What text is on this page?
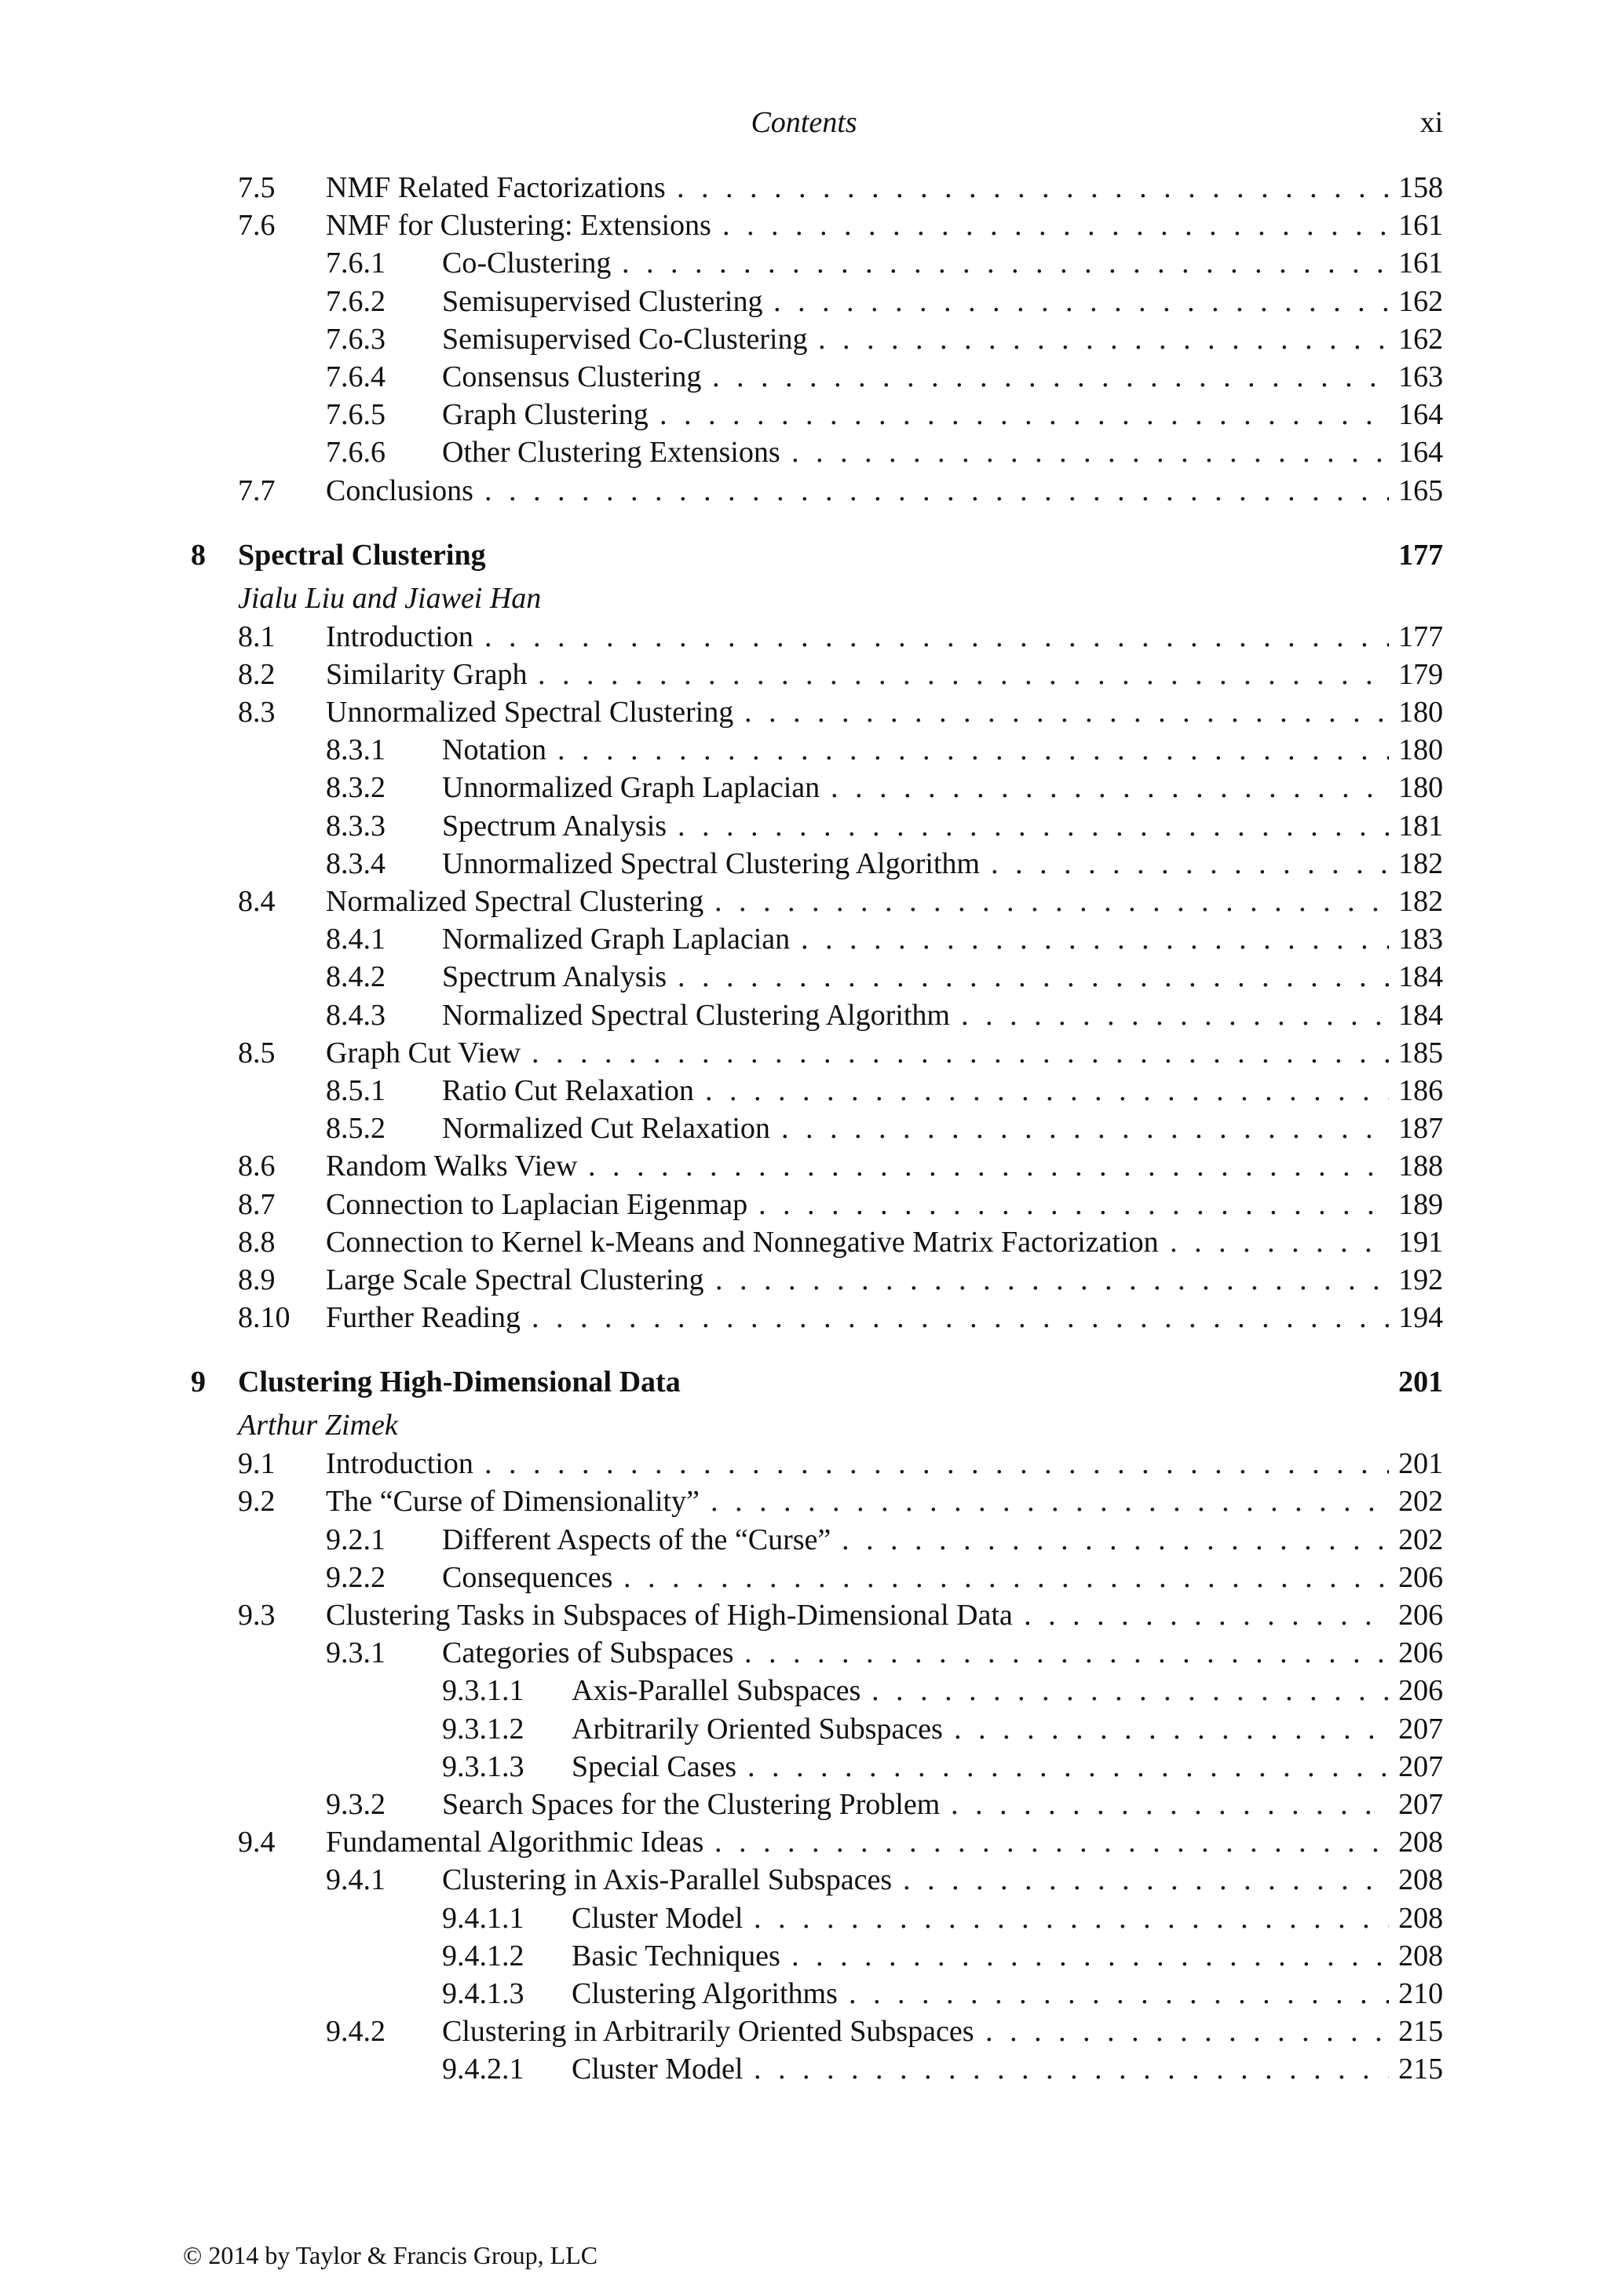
Contents	xi
7.5 . . . NMF Related Factorizations	158
7.6 . . . NMF for Clustering: Extensions	161
7.6.1 . . . Co-Clustering	161
7.6.2 . . . Semisupervised Clustering	162
7.6.3 . . . Semisupervised Co-Clustering	162
7.6.4 . . . Consensus Clustering	163
7.6.5 . . . Graph Clustering	164
7.6.6 . . . Other Clustering Extensions	164
7.7 . . . Conclusions	165
8 Spectral Clustering	177
Jialu Liu and Jiawei Han
8.1 . . . Introduction	177
8.2 . . . Similarity Graph	179
8.3 . . . Unnormalized Spectral Clustering	180
8.3.1 . . . Notation	180
8.3.2 . . . Unnormalized Graph Laplacian	180
8.3.3 . . . Spectrum Analysis	181
8.3.4 . . . Unnormalized Spectral Clustering Algorithm	182
8.4 . . . Normalized Spectral Clustering	182
8.4.1 . . . Normalized Graph Laplacian	183
8.4.2 . . . Spectrum Analysis	184
8.4.3 . . . Normalized Spectral Clustering Algorithm	184
8.5 . . . Graph Cut View	185
8.5.1 . . . Ratio Cut Relaxation	186
8.5.2 . . . Normalized Cut Relaxation	187
8.6 . . . Random Walks View	188
8.7 . . . Connection to Laplacian Eigenmap	189
8.8 . . . Connection to Kernel k-Means and Nonnegative Matrix Factorization	191
8.9 . . . Large Scale Spectral Clustering	192
8.10 . . . Further Reading	194
9 Clustering High-Dimensional Data	201
Arthur Zimek
9.1 . . . Introduction	201
9.2 . . . The “Curse of Dimensionality”	202
9.2.1 . . . Different Aspects of the “Curse”	202
9.2.2 . . . Consequences	206
9.3 . . . Clustering Tasks in Subspaces of High-Dimensional Data	206
9.3.1 . . . Categories of Subspaces	206
9.3.1.1 . . . Axis-Parallel Subspaces	206
9.3.1.2 . . . Arbitrarily Oriented Subspaces	207
9.3.1.3 . . . Special Cases	207
9.3.2 . . . Search Spaces for the Clustering Problem	207
9.4 . . . Fundamental Algorithmic Ideas	208
9.4.1 . . . Clustering in Axis-Parallel Subspaces	208
9.4.1.1 . . . Cluster Model	208
9.4.1.2 . . . Basic Techniques	208
9.4.1.3 . . . Clustering Algorithms	210
9.4.2 . . . Clustering in Arbitrarily Oriented Subspaces	215
9.4.2.1 . . . Cluster Model	215
© 2014 by Taylor & Francis Group, LLC
